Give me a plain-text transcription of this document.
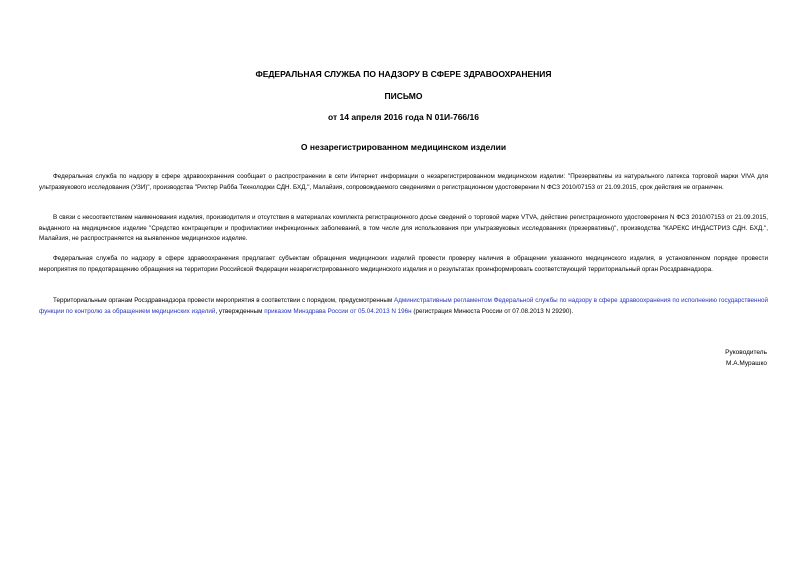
ФЕДЕРАЛЬНАЯ СЛУЖБА ПО НАДЗОРУ В СФЕРЕ ЗДРАВООХРАНЕНИЯ
ПИСЬМО
от 14 апреля 2016 года N 01И-766/16
О незарегистрированном медицинском изделии
Федеральная служба по надзору в сфере здравоохранения сообщает о распространении в сети Интернет информации о незарегистрированном медицинском изделии: "Презервативы из натурального латекса торговой марки VIVA для ультразвукового исследования (УЗИ)", производства "Рихтер Рабба Технолоджи СДН. БХД.", Малайзия, сопровождаемого сведениями о регистрационном удостоверении N ФСЗ 2010/07153 от 21.09.2015, срок действия не ограничен.
В связи с несоответствием наименования изделия, производителя и отсутствия в материалах комплекта регистрационного досье сведений о торговой марке VTVA, действие регистрационного удостоверения N ФСЗ 2010/07153 от 21.09.2015, выданного на медицинское изделие "Средство контрацепции и профилактики инфекционных заболеваний, в том числе для использования при ультразвуковых исследованиях (презервативы)", производства "КАРЕКС ИНДАСТРИЗ СДН. БХД.", Малайзия, не распространяется на выявленное медицинское изделие.
Федеральная служба по надзору в сфере здравоохранения предлагает субъектам обращения медицинских изделий провести проверку наличия в обращении указанного медицинского изделия, в установленном порядке провести мероприятия по предотвращению обращения на территории Российской Федерации незарегистрированного медицинского изделия и о результатах проинформировать соответствующий территориальный орган Росздравнадзора.
Территориальным органам Росздравнадзора провести мероприятия в соответствии с порядком, предусмотренным Административным регламентом Федеральной службы по надзору в сфере здравоохранения по исполнению государственной функции по контролю за обращением медицинских изделий, утвержденным приказом Минздрава России от 05.04.2013 N 196н (регистрация Минюста России от 07.08.2013 N 29290).
Руководитель
М.А.Мурашко
